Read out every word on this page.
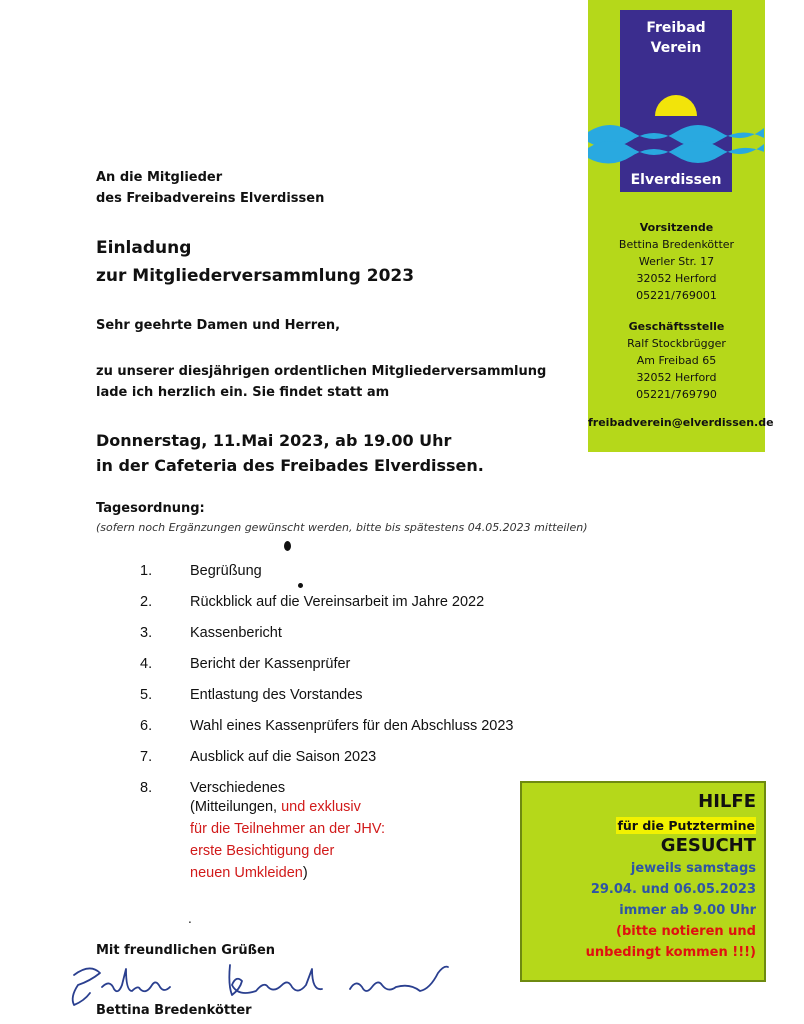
Freibad
Verein
Elverdissen
Vorsitzende
Bettina Bredenkötter
Werler Str. 17
32052 Herford
05221/769001
Geschäftsstelle
Ralf Stockbrügger
Am Freibad 65
32052 Herford
05221/769790
freibadverein@elverdissen.de
An die Mitglieder
des Freibadvereins Elverdissen
Einladung
zur Mitgliederversammlung 2023
Sehr geehrte Damen und Herren,
zu unserer diesjährigen ordentlichen Mitgliederversammlung
lade ich herzlich ein. Sie findet statt am
Donnerstag, 11.Mai 2023, ab 19.00 Uhr
in der Cafeteria des Freibades Elverdissen.
Tagesordnung:
(sofern noch Ergänzungen gewünscht werden, bitte bis spätestens 04.05.2023 mitteilen)
1.	Begrüßung
2.	Rückblick auf die Vereinsarbeit im Jahre 2022
3.	Kassenbericht
4.	Bericht der Kassenprüfer
5.	Entlastung des Vorstandes
6.	Wahl eines Kassenprüfers für den Abschluss 2023
7.	Ausblick auf die Saison 2023
8.	Verschiedenes
(Mitteilungen, und exklusiv
für die Teilnehmer an der JHV:
erste Besichtigung der
neuen Umkleiden)
.
Mit freundlichen Grüßen
Bettina Bredenkötter
HILFE
für die Putztermine
GESUCHT
jeweils samstags
29.04. und 06.05.2023
immer ab 9.00 Uhr
(bitte notieren und
unbedingt kommen !!!)
